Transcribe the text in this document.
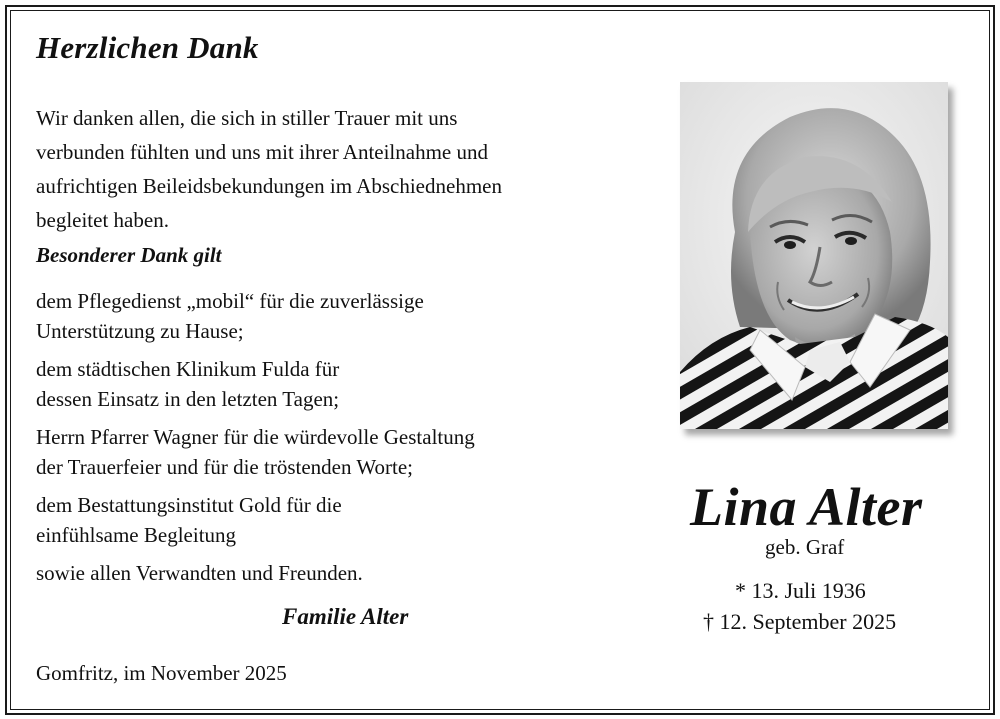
Herzlichen Dank
Wir danken allen, die sich in stiller Trauer mit uns
verbunden fühlten und uns mit ihrer Anteilnahme und
aufrichtigen Beileidsbekundungen im Abschiednehmen
begleitet haben.
Besonderer Dank gilt
dem Pflegedienst „mobil“ für die zuverlässige
Unterstützung zu Hause;
dem städtischen Klinikum Fulda für
dessen Einsatz in den letzten Tagen;
Herrn Pfarrer Wagner für die würdevolle Gestaltung
der Trauerfeier und für die tröstenden Worte;
dem Bestattungsinstitut Gold für die
einfühlsame Begleitung
sowie allen Verwandten und Freunden.
Familie Alter
Gomfritz, im November 2025
Lina Alter
geb. Graf
* 13. Juli 1936
† 12. September 2025
